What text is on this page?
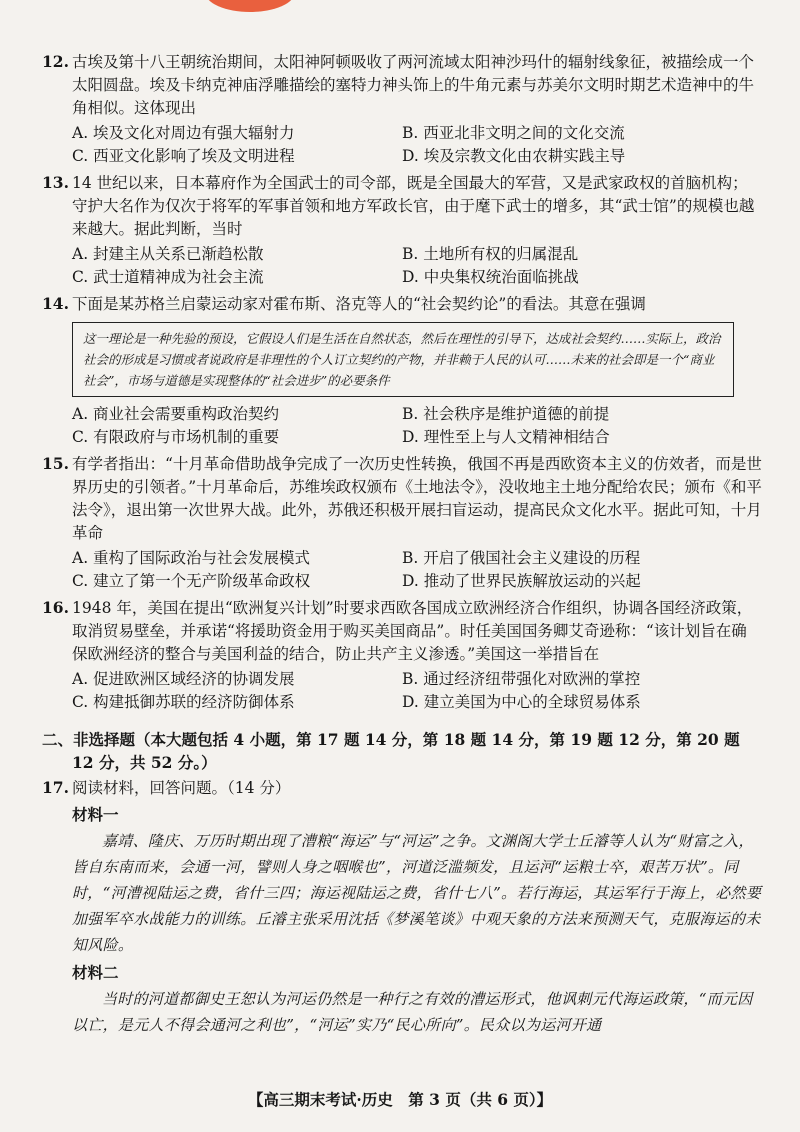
12. 古埃及第十八王朝统治期间，太阳神阿顿吸收了两河流域太阳神沙玛什的辐射线象征，被描绘成一个太阳圆盘。埃及卡纳克神庙浮雕描绘的塞特力神头饰上的牛角元素与苏美尔文明时期艺术造神中的牛角相似。这体现出

A. 埃及文化对周边有强大辐射力	B. 西亚北非文明之间的文化交流
C. 西亚文化影响了埃及文明进程	D. 埃及宗教文化由农耕实践主导

13. 14 世纪以来，日本幕府作为全国武士的司令部，既是全国最大的军营，又是武家政权的首脑机构；守护大名作为仅次于将军的军事首领和地方军政长官，由于麾下武士的增多，其“武士馆”的规模也越来越大。据此判断，当时

A. 封建主从关系已渐趋松散	B. 土地所有权的归属混乱
C. 武士道精神成为社会主流	D. 中央集权统治面临挑战

14. 下面是某苏格兰启蒙运动家对霍布斯、洛克等人的“社会契约论”的看法。其意在强调

这一理论是一种先验的预设，它假设人们是生活在自然状态，然后在理性的引导下，达成社会契约……实际上，政治社会的形成是习惯或者说政府是非理性的个人订立契约的产物，并非赖于人民的认可……未来的社会即是一个“商业社会”，市场与道德是实现整体的“社会进步”的必要条件
A. 商业社会需要重构政治契约	B. 社会秩序是维护道德的前提
C. 有限政府与市场机制的重要	D. 理性至上与人文精神相结合

15. 有学者指出：“十月革命借助战争完成了一次历史性转换，俄国不再是西欧资本主义的仿效者，而是世界历史的引领者。”十月革命后，苏维埃政权颁布《土地法令》，没收地主土地分配给农民；颁布《和平法令》，退出第一次世界大战。此外，苏俄还积极开展扫盲运动，提高民众文化水平。据此可知，十月革命

A. 重构了国际政治与社会发展模式	B. 开启了俄国社会主义建设的历程
C. 建立了第一个无产阶级革命政权	D. 推动了世界民族解放运动的兴起

16. 1948 年，美国在提出“欧洲复兴计划”时要求西欧各国成立欧洲经济合作组织，协调各国经济政策，取消贸易壁垒，并承诺“将援助资金用于购买美国商品”。时任美国国务卿艾奇逊称：“该计划旨在确保欧洲经济的整合与美国利益的结合，防止共产主义渗透。”美国这一举措旨在

A. 促进欧洲区域经济的协调发展	B. 通过经济纽带强化对欧洲的掌控
C. 构建抵御苏联的经济防御体系	D. 建立美国为中心的全球贸易体系

二、非选择题（本大题包括 4 小题，第 17 题 14 分，第 18 题 14 分，第 19 题 12 分，第 20 题 12 分，共 52 分。）

17. 阅读材料，回答问题。（14 分）

材料一

嘉靖、隆庆、万历时期出现了漕粮“海运”与“河运”之争。文渊阁大学士丘濬等人认为“财富之入，皆自东南而来，会通一河，譬则人身之咽喉也”，河道泛滥频发，且运河“运粮士卒，艰苦万状”。同时，“河漕视陆运之费，省什三四；海运视陆运之费，省什七八”。若行海运，其运军行于海上，必然要加强军卒水战能力的训练。丘濬主张采用沈括《梦溪笔谈》中观天象的方法来预测天气，克服海运的未知风险。

材料二

当时的河道都御史王恕认为河运仍然是一种行之有效的漕运形式，他讽刺元代海运政策，“而元因以亡，是元人不得会通河之利也”，“河运”实乃“民心所向”。民众以为运河开通

【高三期末考试·历史　第 3 页（共 6 页）】
